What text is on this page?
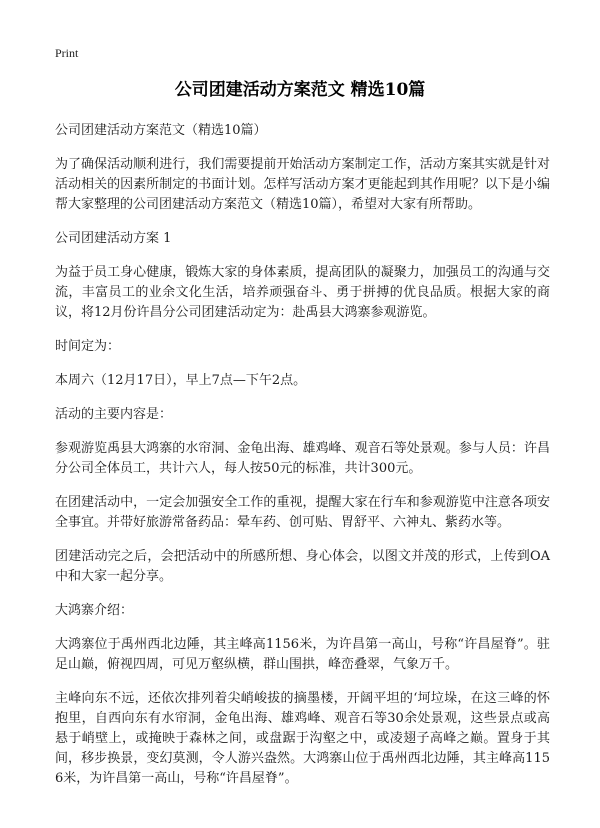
Print
公司团建活动方案范文 精选10篇

公司团建活动方案范文（精选10篇）

为了确保活动顺利进行，我们需要提前开始活动方案制定工作，活动方案其实就是针对活动相关的因素所制定的书面计划。怎样写活动方案才更能起到其作用呢？以下是小编帮大家整理的公司团建活动方案范文（精选10篇），希望对大家有所帮助。

公司团建活动方案 1

为益于员工身心健康，锻炼大家的身体素质，提高团队的凝聚力，加强员工的沟通与交流，丰富员工的业余文化生活，培养顽强奋斗、勇于拼搏的优良品质。根据大家的商议，将12月份许昌分公司团建活动定为：赴禹县大鸿寨参观游览。

时间定为：

本周六（12月17日），早上7点—下午2点。

活动的主要内容是：

参观游览禹县大鸿寨的水帘洞、金龟出海、雄鸡峰、观音石等处景观。参与人员：许昌分公司全体员工，共计六人，每人按50元的标准，共计300元。

在团建活动中，一定会加强安全工作的重视，提醒大家在行车和参观游览中注意各项安全事宜。并带好旅游常备药品：晕车药、创可贴、胃舒平、六神丸、紫药水等。

团建活动完之后，会把活动中的所感所想、身心体会，以图文并茂的形式，上传到OA中和大家一起分享。

大鸿寨介绍：

大鸿寨位于禹州西北边陲，其主峰高1156米，为许昌第一高山，号称“许昌屋脊”。驻足山巅，俯视四周，可见万壑纵横，群山围拱，峰峦叠翠，气象万千。

主峰向东不远，还依次排列着尖峭峻拔的摘墨楼，开阔平坦的‘坷垃垛，在这三峰的怀抱里，自西向东有水帘洞，金龟出海、雄鸡峰、观音石等30余处景观，这些景点或高悬于峭壁上，或掩映于森林之间，或盘踞于沟壑之中，或凌翅子高峰之巅。置身于其间，移步换景，变幻莫测，令人游兴盎然。大鸿寨山位于禹州西北边陲，其主峰高1156米，为许昌第一高山，号称“许昌屋脊”。
